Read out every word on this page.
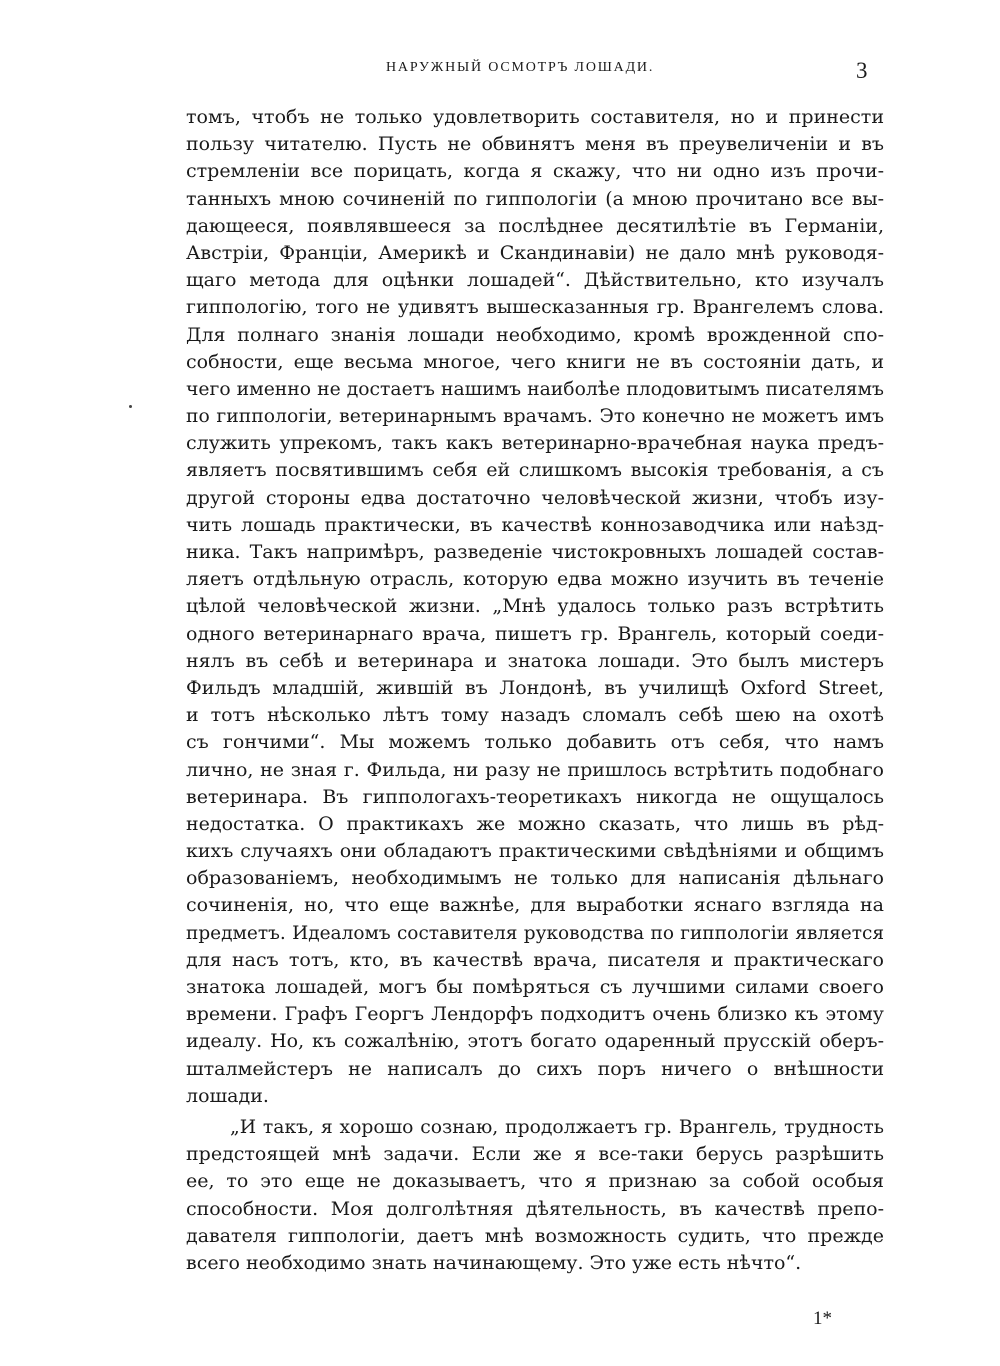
НАРУЖНЫЙ ОСМОТРЪ ЛОШАДИ.	3
томъ, чтобъ не только удовлетворить составителя, но и принести
пользу читателю. Пусть не обвинятъ меня въ преувеличеніи и въ
стремленіи все порицать, когда я скажу, что ни одно изъ прочи-
танныхъ мною сочиненій по гиппологіи (а мною прочитано все вы-
дающееся, появлявшееся за послѣднее десятилѣтіе въ Германіи,
Австріи, Франціи, Америкѣ и Скандинавіи) не дало мнѣ руководя-
щаго метода для оцѣнки лошадей“. Дѣйствительно, кто изучалъ
гиппологію, того не удивятъ вышесказанныя гр. Врангелемъ слова.
Для полнаго знанія лошади необходимо, кромѣ врожденной спо-
собности, еще весьма многое, чего книги не въ состояніи дать, и
чего именно не достаетъ нашимъ наиболѣе плодовитымъ писателямъ
по гиппологіи, ветеринарнымъ врачамъ. Это конечно не можетъ имъ
служить упрекомъ, такъ какъ ветеринарно-врачебная наука предъ-
являетъ посвятившимъ себя ей слишкомъ высокія требованія, а съ
другой стороны едва достаточно человѣческой жизни, чтобъ изу-
чить лошадь практически, въ качествѣ коннозаводчика или наѣзд-
ника. Такъ напримѣръ, разведеніе чистокровныхъ лошадей состав-
ляетъ отдѣльную отрасль, которую едва можно изучить въ теченіе
цѣлой человѣческой жизни. „Мнѣ удалось только разъ встрѣтить
одного ветеринарнаго врача, пишетъ гр. Врангель, который соеди-
нялъ въ себѣ и ветеринара и знатока лошади. Это былъ мистеръ
Фильдъ младшій, жившій въ Лондонѣ, въ училищѣ Oxford Street,
и тотъ нѣсколько лѣтъ тому назадъ сломалъ себѣ шею на охотѣ
съ гончими“. Мы можемъ только добавить отъ себя, что намъ
лично, не зная г. Фильда, ни разу не пришлось встрѣтить подобнаго
ветеринара. Въ гиппологахъ-теоретикахъ никогда не ощущалось
недостатка. О практикахъ же можно сказать, что лишь въ рѣд-
кихъ случаяхъ они обладаютъ практическими свѣдѣніями и общимъ
образованіемъ, необходимымъ не только для написанія дѣльнаго
сочиненія, но, что еще важнѣе, для выработки яснаго взгляда на
предметъ. Идеаломъ составителя руководства по гиппологіи является
для насъ тотъ, кто, въ качествѣ врача, писателя и практическаго
знатока лошадей, могъ бы помѣряться съ лучшими силами своего
времени. Графъ Георгъ Лендорфъ подходитъ очень близко къ этому
идеалу. Но, къ сожалѣнію, этотъ богато одаренный прусскій оберъ-
шталмейстеръ не написалъ до сихъ поръ ничего о внѣшности
лошади.
„И такъ, я хорошо сознаю, продолжаетъ гр. Врангель, трудность
предстоящей мнѣ задачи. Если же я все-таки берусь разрѣшить
ее, то это еще не доказываетъ, что я признаю за собой особыя
способности. Моя долголѣтняя дѣятельность, въ качествѣ препо-
давателя гиппологіи, даетъ мнѣ возможность судить, что прежде
всего необходимо знать начинающему. Это уже есть нѣчто“.
1*
